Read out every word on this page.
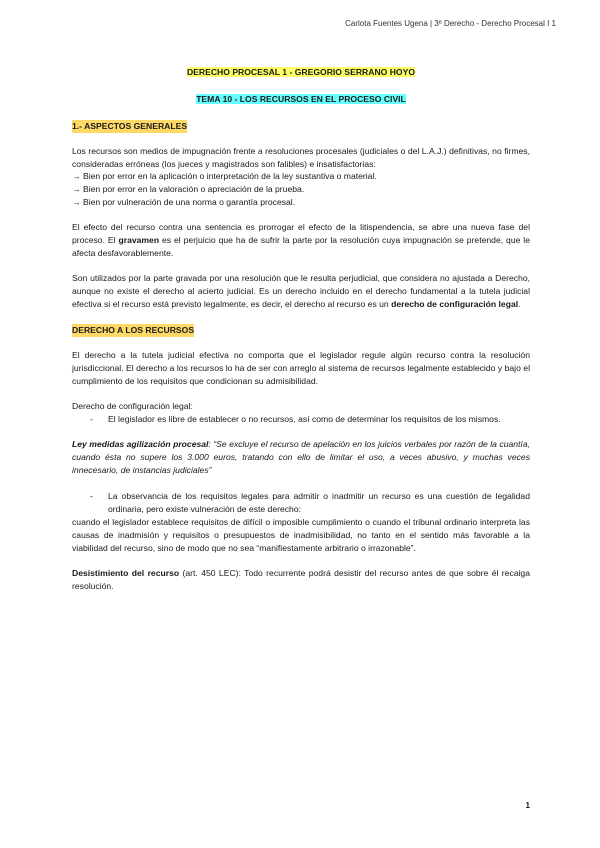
Carlota Fuentes Ugena | 3º Derecho - Derecho Procesal I 1

DERECHO PROCESAL 1 - GREGORIO SERRANO HOYO

TEMA 10 - LOS RECURSOS EN EL PROCESO CIVIL

1.- ASPECTOS GENERALES

Los recursos son medios de impugnación frente a resoluciones procesales (judiciales o del L.A.J.) definitivas, no firmes, consideradas erróneas (los jueces y magistrados son falibles) e insatisfactorias:

→ Bien por error en la aplicación o interpretación de la ley sustantiva o material.

→ Bien por error en la valoración o apreciación de la prueba.

→ Bien por vulneración de una norma o garantía procesal.

El efecto del recurso contra una sentencia es prorrogar el efecto de la litispendencia, se abre una nueva fase del proceso. El gravamen es el perjuicio que ha de sufrir la parte por la resolución cuya impugnación se pretende, que le afecta desfavorablemente.

Son utilizados por la parte gravada por una resolución que le resulta perjudicial, que considera no ajustada a Derecho, aunque no existe el derecho al acierto judicial. Es un derecho incluido en el derecho fundamental a la tutela judicial efectiva si el recurso está previsto legalmente, es decir, el derecho al recurso es un derecho de configuración legal.

DERECHO A LOS RECURSOS

El derecho a la tutela judicial efectiva no comporta que el legislador regule algún recurso contra la resolución jurisdiccional. El derecho a los recursos lo ha de ser con arreglo al sistema de recursos legalmente establecido y bajo el cumplimiento de los requisitos que condicionan su admisibilidad.

Derecho de configuración legal:

-	El legislador es libre de establecer o no recursos, así como de determinar los requisitos de los mismos.

Ley medidas agilización procesal: “Se excluye el recurso de apelación en los juicios verbales por razón de la cuantía, cuando ésta no supere los 3.000 euros, tratando con ello de limitar el uso, a veces abusivo, y muchas veces innecesario, de instancias judiciales”

-	La observancia de los requisitos legales para admitir o inadmitir un recurso es una cuestión de legalidad ordinaria, pero existe vulneración de este derecho:

cuando el legislador establece requisitos de difícil o imposible cumplimiento o cuando el tribunal ordinario interpreta las causas de inadmisión y requisitos o presupuestos de inadmisibilidad, no tanto en el sentido más favorable a la viabilidad del recurso, sino de modo que no sea “manifiestamente arbitrario o irrazonable”.

Desistimiento del recurso (art. 450 LEC): Todo recurrente podrá desistir del recurso antes de que sobre él recaiga resolución.

1
